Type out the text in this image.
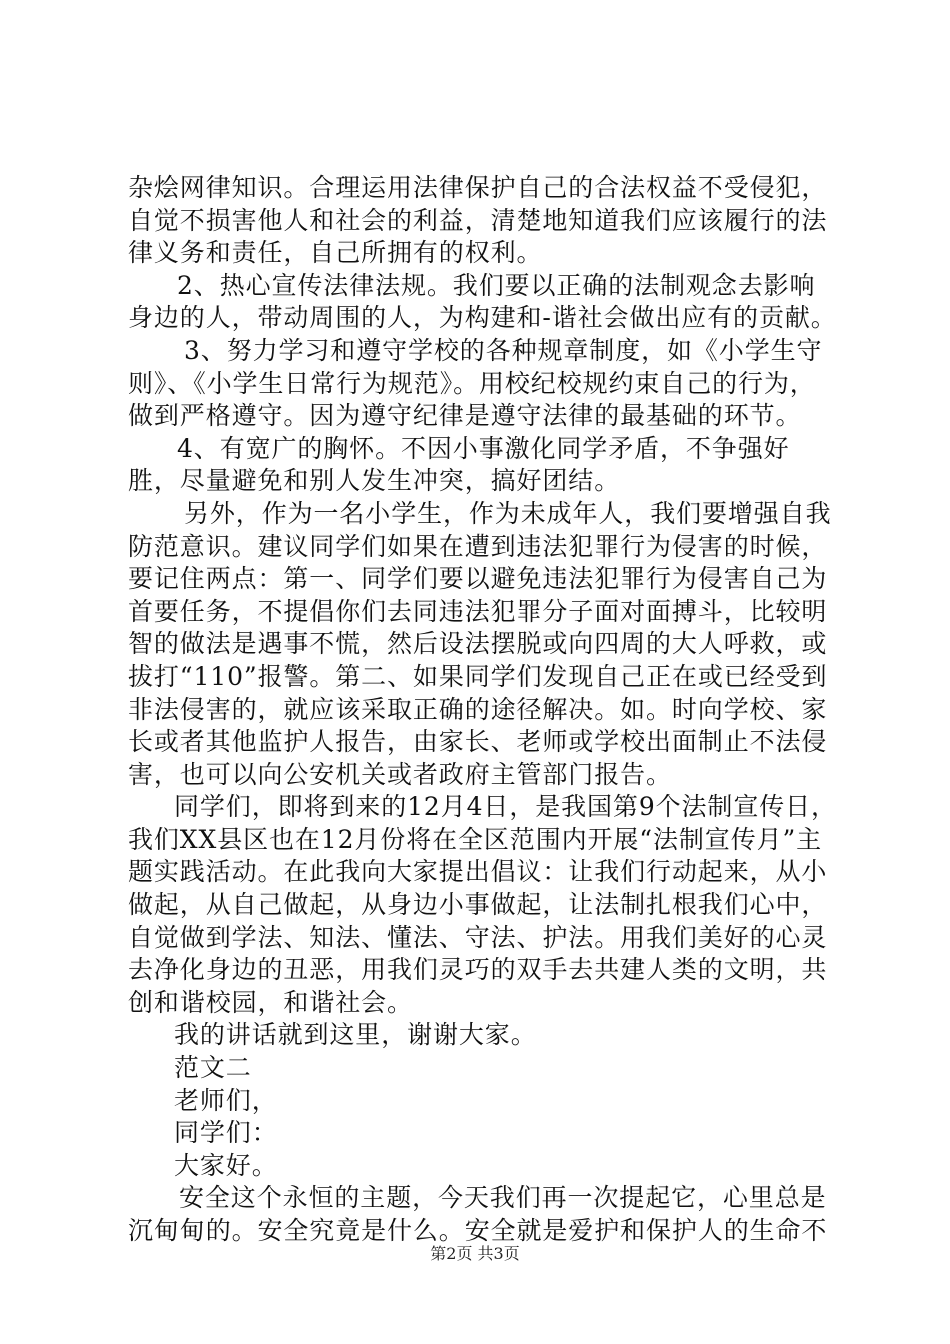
杂烩网律知识。合理运用法律保护自己的合法权益不受侵犯，自觉不损害他人和社会的利益，清楚地知道我们应该履行的法律义务和责任，自己所拥有的权利。

2、热心宣传法律法规。我们要以正确的法制观念去影响身边的人，带动周围的人，为构建和-谐社会做出应有的贡献。

3、努力学习和遵守学校的各种规章制度，如《小学生守则》、《小学生日常行为规范》。用校纪校规约束自己的行为，做到严格遵守。因为遵守纪律是遵守法律的最基础的环节。

4、有宽广的胸怀。不因小事激化同学矛盾，不争强好胜，尽量避免和别人发生冲突，搞好团结。

另外，作为一名小学生，作为未成年人，我们要增强自我防范意识。建议同学们如果在遭到违法犯罪行为侵害的时候，要记住两点：第一、同学们要以避免违法犯罪行为侵害自己为首要任务，不提倡你们去同违法犯罪分子面对面搏斗，比较明智的做法是遇事不慌，然后设法摆脱或向四周的大人呼救，或拔打“110”报警。第二、如果同学们发现自己正在或已经受到非法侵害的，就应该采取正确的途径解决。如。时向学校、家长或者其他监护人报告，由家长、老师或学校出面制止不法侵害，也可以向公安机关或者政府主管部门报告。

同学们，即将到来的12月4日，是我国第9个法制宣传日，我们XX县区也在12月份将在全区范围内开展“法制宣传月”主题实践活动。在此我向大家提出倡议：让我们行动起来，从小做起，从自己做起，从身边小事做起，让法制扎根我们心中，自觉做到学法、知法、懂法、守法、护法。用我们美好的心灵去净化身边的丑恶，用我们灵巧的双手去共建人类的文明，共创和谐校园，和谐社会。

我的讲话就到这里，谢谢大家。

范文二

老师们，

同学们：

大家好。

安全这个永恒的主题，今天我们再一次提起它，心里总是沉甸甸的。安全究竟是什么。安全就是爱护和保护人的生命不

第2页 共3页
